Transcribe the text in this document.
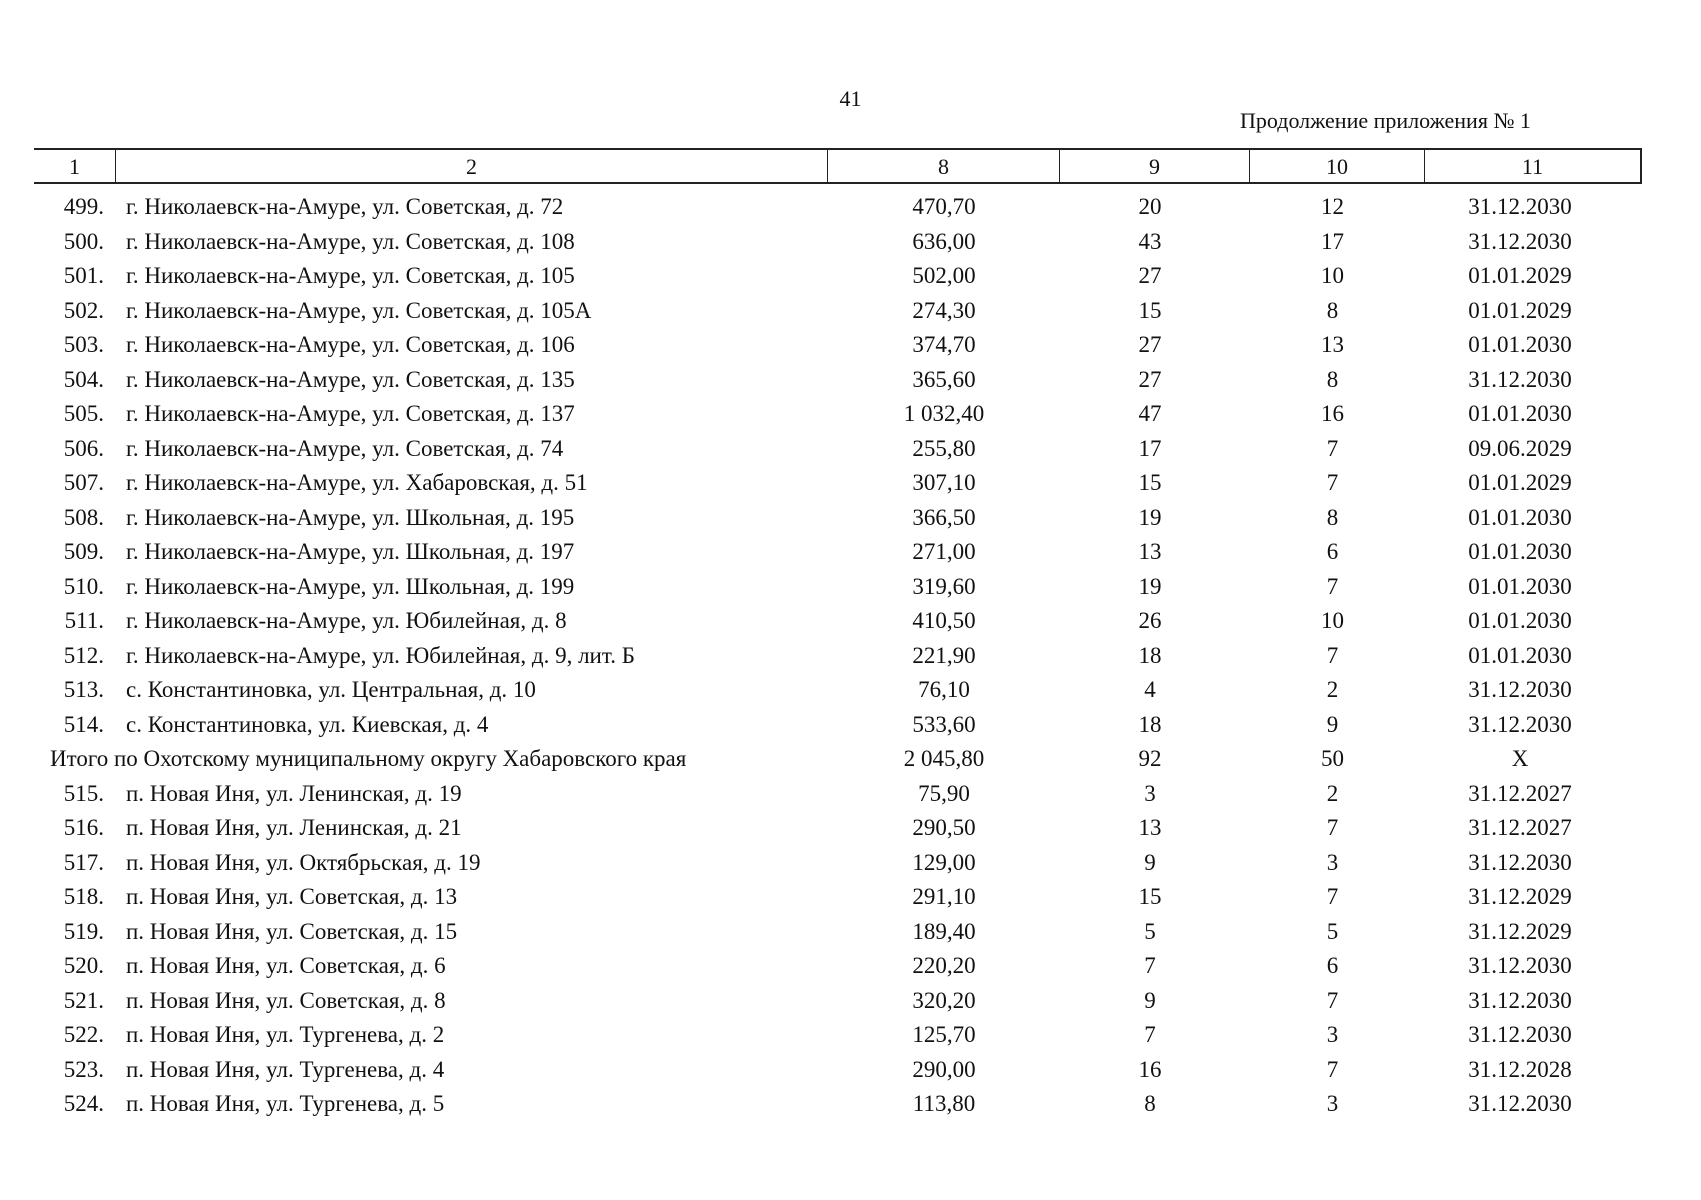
41
Продолжение приложения № 1
1	2	8	9	10	11
499. г. Николаевск-на-Амуре, ул. Советская, д. 72	470,70	20	12	31.12.2030
500. г. Николаевск-на-Амуре, ул. Советская, д. 108	636,00	43	17	31.12.2030
501. г. Николаевск-на-Амуре, ул. Советская, д. 105	502,00	27	10	01.01.2029
502. г. Николаевск-на-Амуре, ул. Советская, д. 105А	274,30	15	8	01.01.2029
503. г. Николаевск-на-Амуре, ул. Советская, д. 106	374,70	27	13	01.01.2030
504. г. Николаевск-на-Амуре, ул. Советская, д. 135	365,60	27	8	31.12.2030
505. г. Николаевск-на-Амуре, ул. Советская, д. 137	1 032,40	47	16	01.01.2030
506. г. Николаевск-на-Амуре, ул. Советская, д. 74	255,80	17	7	09.06.2029
507. г. Николаевск-на-Амуре, ул. Хабаровская, д. 51	307,10	15	7	01.01.2029
508. г. Николаевск-на-Амуре, ул. Школьная, д. 195	366,50	19	8	01.01.2030
509. г. Николаевск-на-Амуре, ул. Школьная, д. 197	271,00	13	6	01.01.2030
510. г. Николаевск-на-Амуре, ул. Школьная, д. 199	319,60	19	7	01.01.2030
511. г. Николаевск-на-Амуре, ул. Юбилейная, д. 8	410,50	26	10	01.01.2030
512. г. Николаевск-на-Амуре, ул. Юбилейная, д. 9, лит. Б	221,90	18	7	01.01.2030
513. с. Константиновка, ул. Центральная, д. 10	76,10	4	2	31.12.2030
514. с. Константиновка, ул. Киевская, д. 4	533,60	18	9	31.12.2030
Итого по Охотскому муниципальному округу Хабаровского края	2 045,80	92	50	X
515. п. Новая Иня, ул. Ленинская, д. 19	75,90	3	2	31.12.2027
516. п. Новая Иня, ул. Ленинская, д. 21	290,50	13	7	31.12.2027
517. п. Новая Иня, ул. Октябрьская, д. 19	129,00	9	3	31.12.2030
518. п. Новая Иня, ул. Советская, д. 13	291,10	15	7	31.12.2029
519. п. Новая Иня, ул. Советская, д. 15	189,40	5	5	31.12.2029
520. п. Новая Иня, ул. Советская, д. 6	220,20	7	6	31.12.2030
521. п. Новая Иня, ул. Советская, д. 8	320,20	9	7	31.12.2030
522. п. Новая Иня, ул. Тургенева, д. 2	125,70	7	3	31.12.2030
523. п. Новая Иня, ул. Тургенева, д. 4	290,00	16	7	31.12.2028
524. п. Новая Иня, ул. Тургенева, д. 5	113,80	8	3	31.12.2030
